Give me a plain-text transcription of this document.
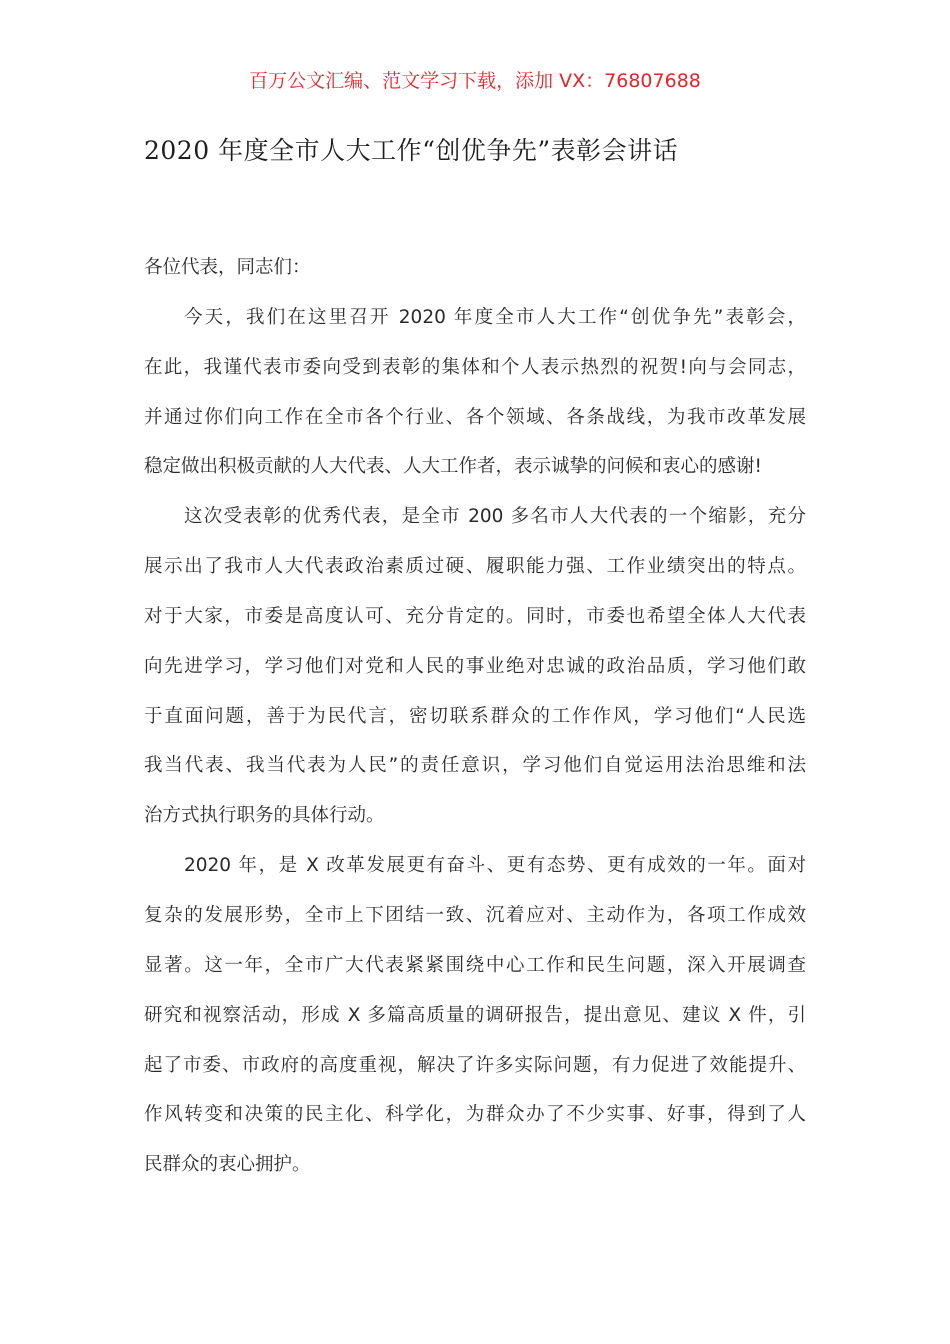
百万公文汇编、范文学习下载，添加 VX：76807688
2020 年度全市人大工作“创优争先”表彰会讲话
各位代表，同志们：
今天，我们在这里召开 2020 年度全市人大工作“创优争先”表彰会，
在此，我谨代表市委向受到表彰的集体和个人表示热烈的祝贺!向与会同志，
并通过你们向工作在全市各个行业、各个领域、各条战线，为我市改革发展
稳定做出积极贡献的人大代表、人大工作者，表示诚挚的问候和衷心的感谢!
这次受表彰的优秀代表，是全市 200 多名市人大代表的一个缩影，充分
展示出了我市人大代表政治素质过硬、履职能力强、工作业绩突出的特点。
对于大家，市委是高度认可、充分肯定的。同时，市委也希望全体人大代表
向先进学习，学习他们对党和人民的事业绝对忠诚的政治品质，学习他们敢
于直面问题，善于为民代言，密切联系群众的工作作风，学习他们“人民选
我当代表、我当代表为人民”的责任意识，学习他们自觉运用法治思维和法
治方式执行职务的具体行动。
2020 年，是 X 改革发展更有奋斗、更有态势、更有成效的一年。面对
复杂的发展形势，全市上下团结一致、沉着应对、主动作为，各项工作成效
显著。这一年，全市广大代表紧紧围绕中心工作和民生问题，深入开展调查
研究和视察活动，形成 X 多篇高质量的调研报告，提出意见、建议 X 件，引
起了市委、市政府的高度重视，解决了许多实际问题，有力促进了效能提升、
作风转变和决策的民主化、科学化，为群众办了不少实事、好事，得到了人
民群众的衷心拥护。
